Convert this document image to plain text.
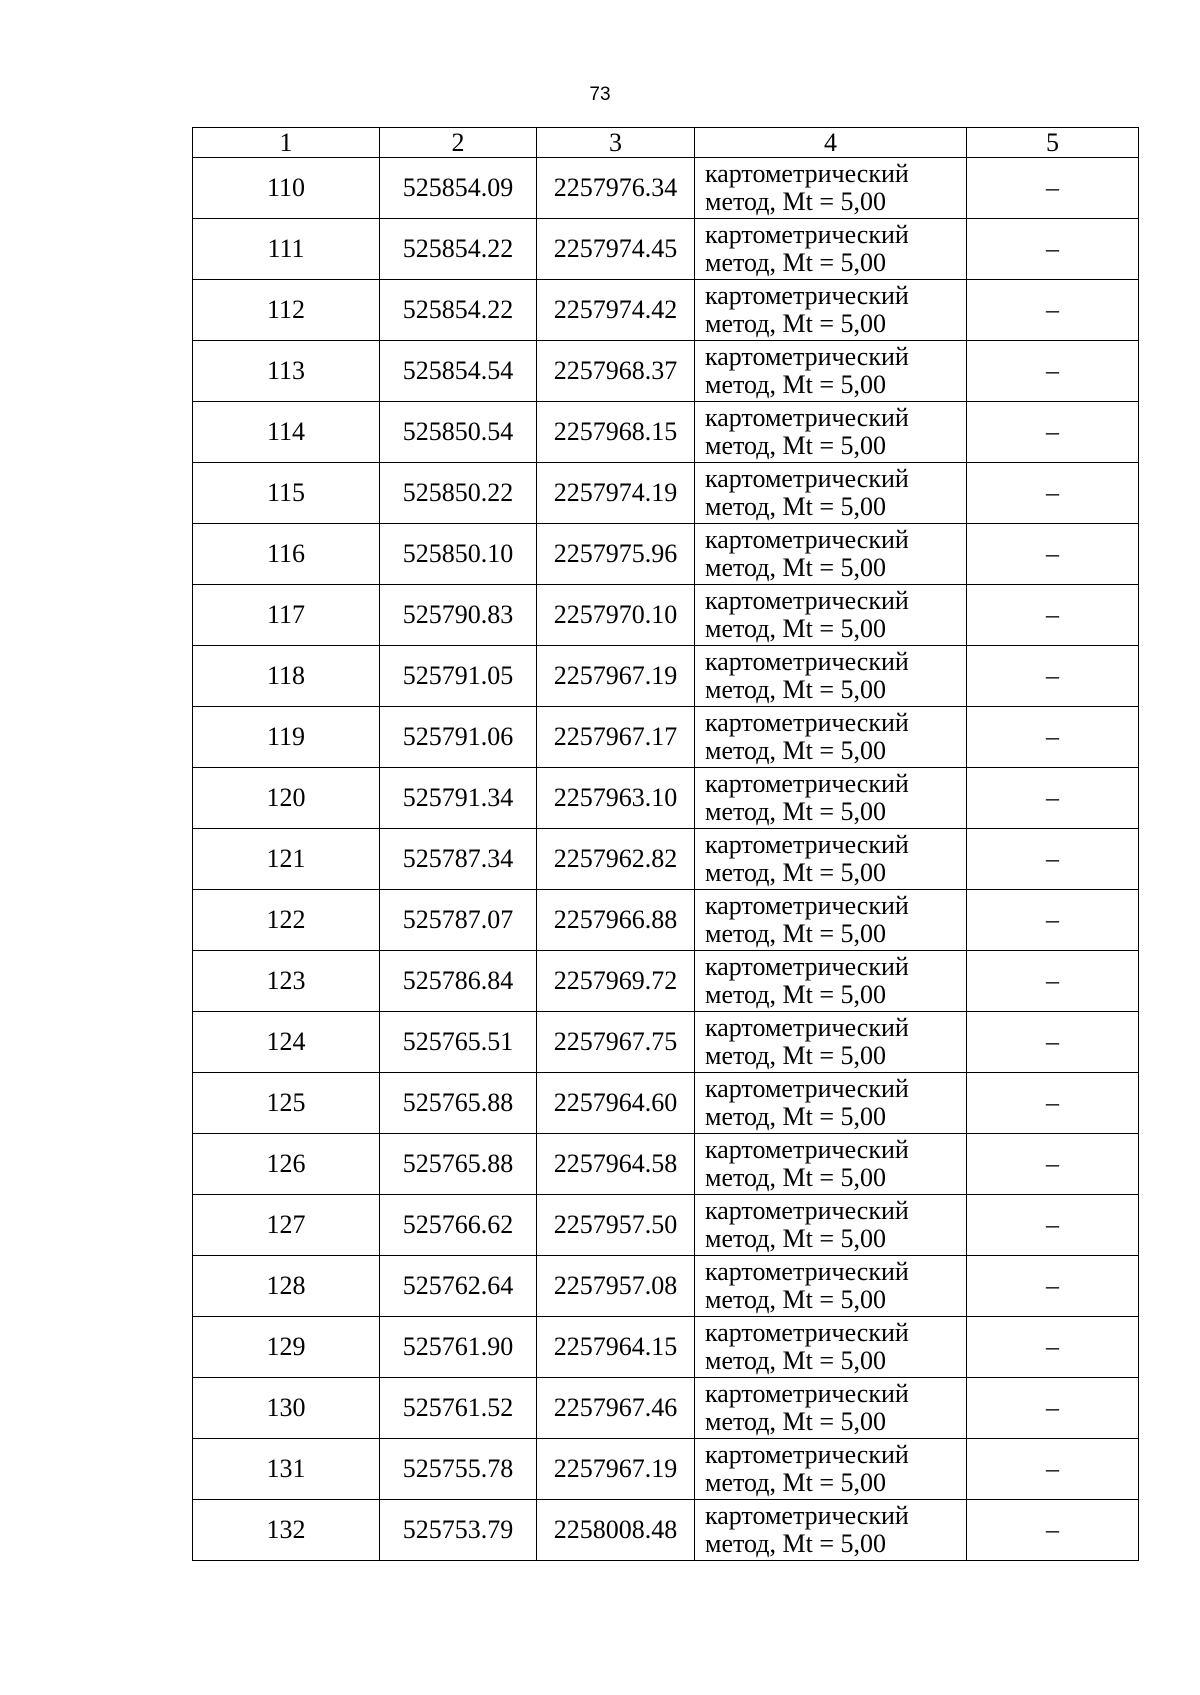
73
1	2	3	4	5
110	525854.09	2257976.34	картометрический
метод, Mt = 5,00	–
111	525854.22	2257974.45	картометрический
метод, Mt = 5,00	–
112	525854.22	2257974.42	картометрический
метод, Mt = 5,00	–
113	525854.54	2257968.37	картометрический
метод, Mt = 5,00	–
114	525850.54	2257968.15	картометрический
метод, Mt = 5,00	–
115	525850.22	2257974.19	картометрический
метод, Mt = 5,00	–
116	525850.10	2257975.96	картометрический
метод, Mt = 5,00	–
117	525790.83	2257970.10	картометрический
метод, Mt = 5,00	–
118	525791.05	2257967.19	картометрический
метод, Mt = 5,00	–
119	525791.06	2257967.17	картометрический
метод, Mt = 5,00	–
120	525791.34	2257963.10	картометрический
метод, Mt = 5,00	–
121	525787.34	2257962.82	картометрический
метод, Mt = 5,00	–
122	525787.07	2257966.88	картометрический
метод, Mt = 5,00	–
123	525786.84	2257969.72	картометрический
метод, Mt = 5,00	–
124	525765.51	2257967.75	картометрический
метод, Mt = 5,00	–
125	525765.88	2257964.60	картометрический
метод, Mt = 5,00	–
126	525765.88	2257964.58	картометрический
метод, Mt = 5,00	–
127	525766.62	2257957.50	картометрический
метод, Mt = 5,00	–
128	525762.64	2257957.08	картометрический
метод, Mt = 5,00	–
129	525761.90	2257964.15	картометрический
метод, Mt = 5,00	–
130	525761.52	2257967.46	картометрический
метод, Mt = 5,00	–
131	525755.78	2257967.19	картометрический
метод, Mt = 5,00	–
132	525753.79	2258008.48	картометрический
метод, Mt = 5,00	–
